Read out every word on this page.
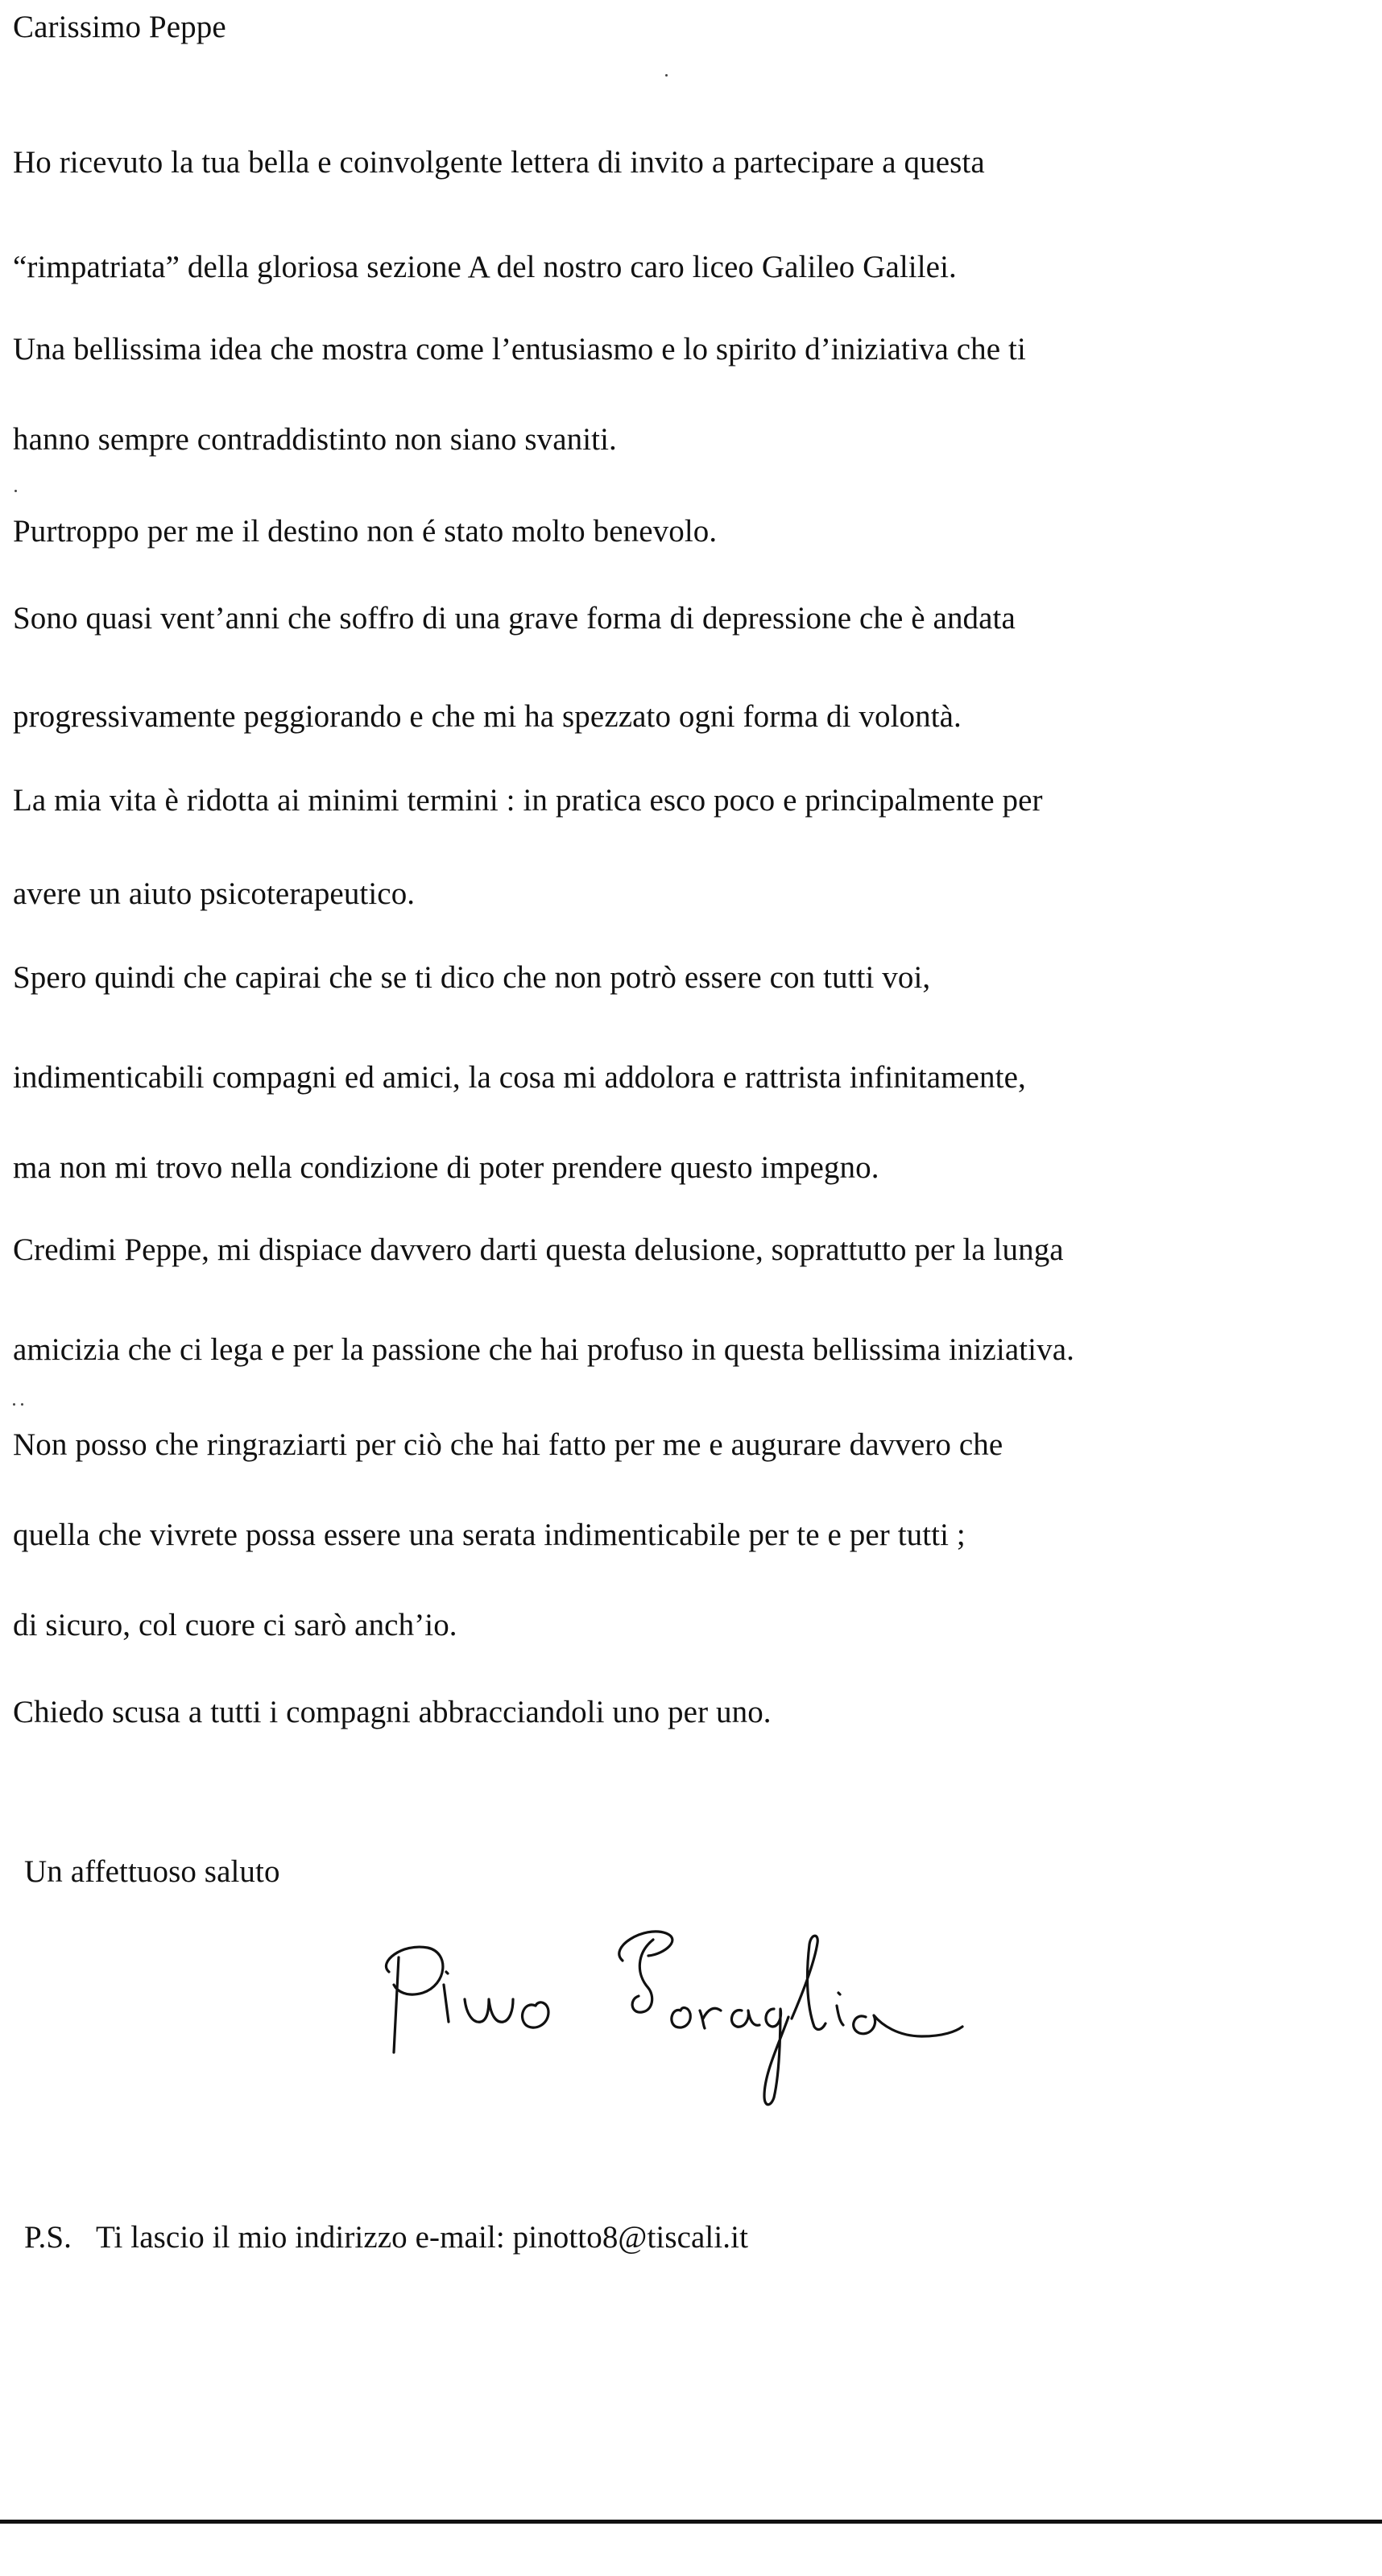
Carissimo Peppe
Ho ricevuto la tua bella e coinvolgente lettera di invito a partecipare a questa
“rimpatriata” della gloriosa sezione A del nostro caro liceo Galileo Galilei.
Una bellissima idea che mostra come l’entusiasmo e lo spirito d’iniziativa che ti
hanno sempre contraddistinto non siano svaniti.
Purtroppo per me il destino non é stato molto benevolo.
Sono quasi vent’anni che soffro di una grave forma di depressione che è andata
progressivamente peggiorando e che mi ha spezzato ogni forma di volontà.
La mia vita è ridotta ai minimi termini : in pratica esco poco e principalmente per
avere un aiuto psicoterapeutico.
Spero quindi che capirai che se ti dico che non potrò essere con tutti voi,
indimenticabili compagni ed amici, la cosa mi addolora e rattrista infinitamente,
ma non mi trovo nella condizione di poter prendere questo impegno.
Credimi Peppe, mi dispiace davvero darti questa delusione, soprattutto per la lunga
amicizia che ci lega e per la passione che hai profuso in questa bellissima iniziativa.
Non posso che ringraziarti per ciò che hai fatto per me e augurare davvero che
quella che vivrete possa essere una serata indimenticabile per te e per tutti ;
di sicuro, col cuore ci sarò anch’io.
Chiedo scusa a tutti i compagni abbracciandoli uno per uno.
Un affettuoso saluto
P.S. Ti lascio il mio indirizzo e-mail: pinotto8@tiscali.it
